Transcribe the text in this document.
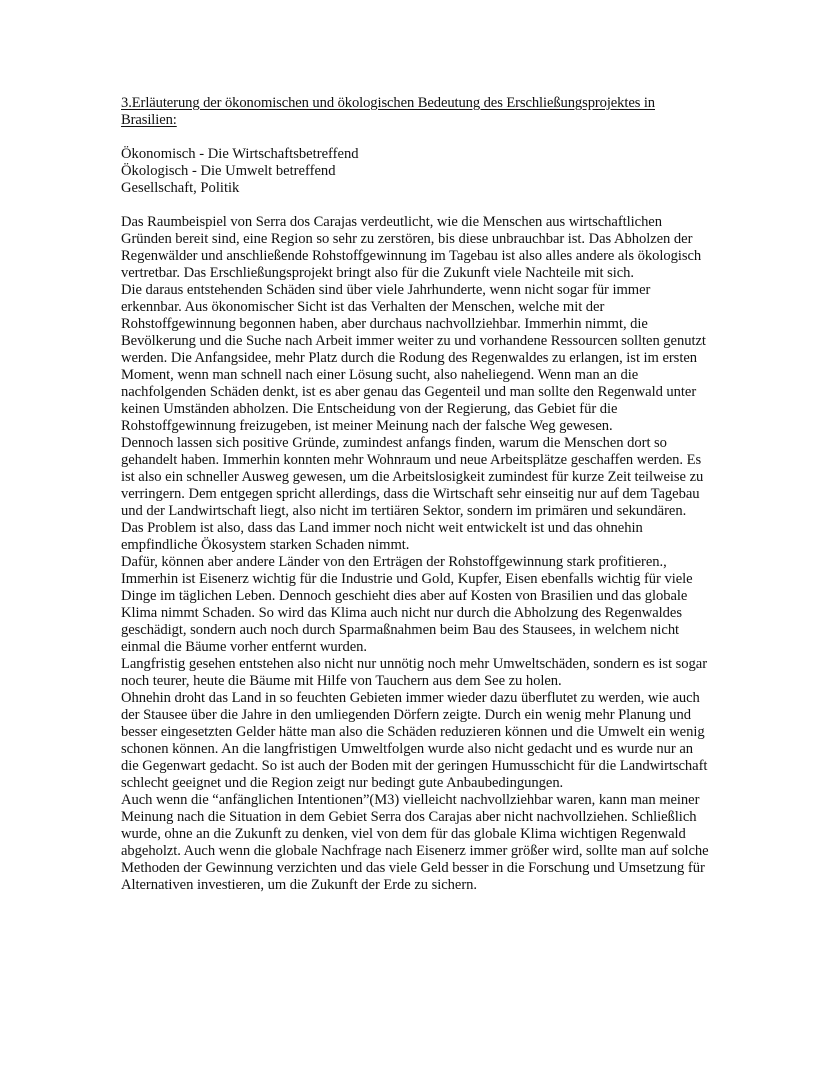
3.Erläuterung der ökonomischen und ökologischen Bedeutung des Erschließungsprojektes in Brasilien:
Ökonomisch - Die Wirtschaftsbetreffend
Ökologisch - Die Umwelt betreffend
Gesellschaft, Politik

Das Raumbeispiel von Serra dos Carajas verdeutlicht, wie die Menschen aus wirtschaftlichen Gründen bereit sind, eine Region so sehr zu zerstören, bis diese unbrauchbar ist. Das Abholzen der Regenwälder und anschließende Rohstoffgewinnung im Tagebau ist also alles andere als ökologisch vertretbar. Das Erschließungsprojekt bringt also für die Zukunft viele Nachteile mit sich.

Die daraus entstehenden Schäden sind über viele Jahrhunderte, wenn nicht sogar für immer erkennbar. Aus ökonomischer Sicht ist das Verhalten der Menschen, welche mit der Rohstoffgewinnung begonnen haben, aber durchaus nachvollziehbar. Immerhin nimmt, die Bevölkerung und die Suche nach Arbeit immer weiter zu und vorhandene Ressourcen sollten genutzt werden. Die Anfangsidee, mehr Platz durch die Rodung des Regenwaldes zu erlangen, ist im ersten Moment, wenn man schnell nach einer Lösung sucht, also naheliegend. Wenn man an die nachfolgenden Schäden denkt, ist es aber genau das Gegenteil und man sollte den Regenwald unter keinen Umständen abholzen. Die Entscheidung von der Regierung, das Gebiet für die Rohstoffgewinnung freizugeben, ist meiner Meinung nach der falsche Weg gewesen.

Dennoch lassen sich positive Gründe, zumindest anfangs finden, warum die Menschen dort so gehandelt haben. Immerhin konnten mehr Wohnraum und neue Arbeitsplätze geschaffen werden. Es ist also ein schneller Ausweg gewesen, um die Arbeitslosigkeit zumindest für kurze Zeit teilweise zu verringern. Dem entgegen spricht allerdings, dass die Wirtschaft sehr einseitig nur auf dem Tagebau und der Landwirtschaft liegt, also nicht im tertiären Sektor, sondern im primären und sekundären. Das Problem ist also, dass das Land immer noch nicht weit entwickelt ist und das ohnehin empfindliche Ökosystem starken Schaden nimmt.

Dafür, können aber andere Länder von den Erträgen der Rohstoffgewinnung stark profitieren., Immerhin ist Eisenerz wichtig für die Industrie und Gold, Kupfer, Eisen ebenfalls wichtig für viele Dinge im täglichen Leben. Dennoch geschieht dies aber auf Kosten von Brasilien und das globale Klima nimmt Schaden. So wird das Klima auch nicht nur durch die Abholzung des Regenwaldes geschädigt, sondern auch noch durch Sparmaßnahmen beim Bau des Stausees, in welchem nicht einmal die Bäume vorher entfernt wurden.

Langfristig gesehen entstehen also nicht nur unnötig noch mehr Umweltschäden, sondern es ist sogar noch teurer, heute die Bäume mit Hilfe von Tauchern aus dem See zu holen.

Ohnehin droht das Land in so feuchten Gebieten immer wieder dazu überflutet zu werden, wie auch der Stausee über die Jahre in den umliegenden Dörfern zeigte. Durch ein wenig mehr Planung und besser eingesetzten Gelder hätte man also die Schäden reduzieren können und die Umwelt ein wenig schonen können. An die langfristigen Umweltfolgen wurde also nicht gedacht und es wurde nur an die Gegenwart gedacht. So ist auch der Boden mit der geringen Humusschicht für die Landwirtschaft schlecht geeignet und die Region zeigt nur bedingt gute Anbaubedingungen.

Auch wenn die “anfänglichen Intentionen”(M3) vielleicht nachvollziehbar waren, kann man meiner Meinung nach die Situation in dem Gebiet Serra dos Carajas aber nicht nachvollziehen. Schließlich wurde, ohne an die Zukunft zu denken, viel von dem für das globale Klima wichtigen Regenwald abgeholzt. Auch wenn die globale Nachfrage nach Eisenerz immer größer wird, sollte man auf solche Methoden der Gewinnung verzichten und das viele Geld besser in die Forschung und Umsetzung für Alternativen investieren, um die Zukunft der Erde zu sichern.
